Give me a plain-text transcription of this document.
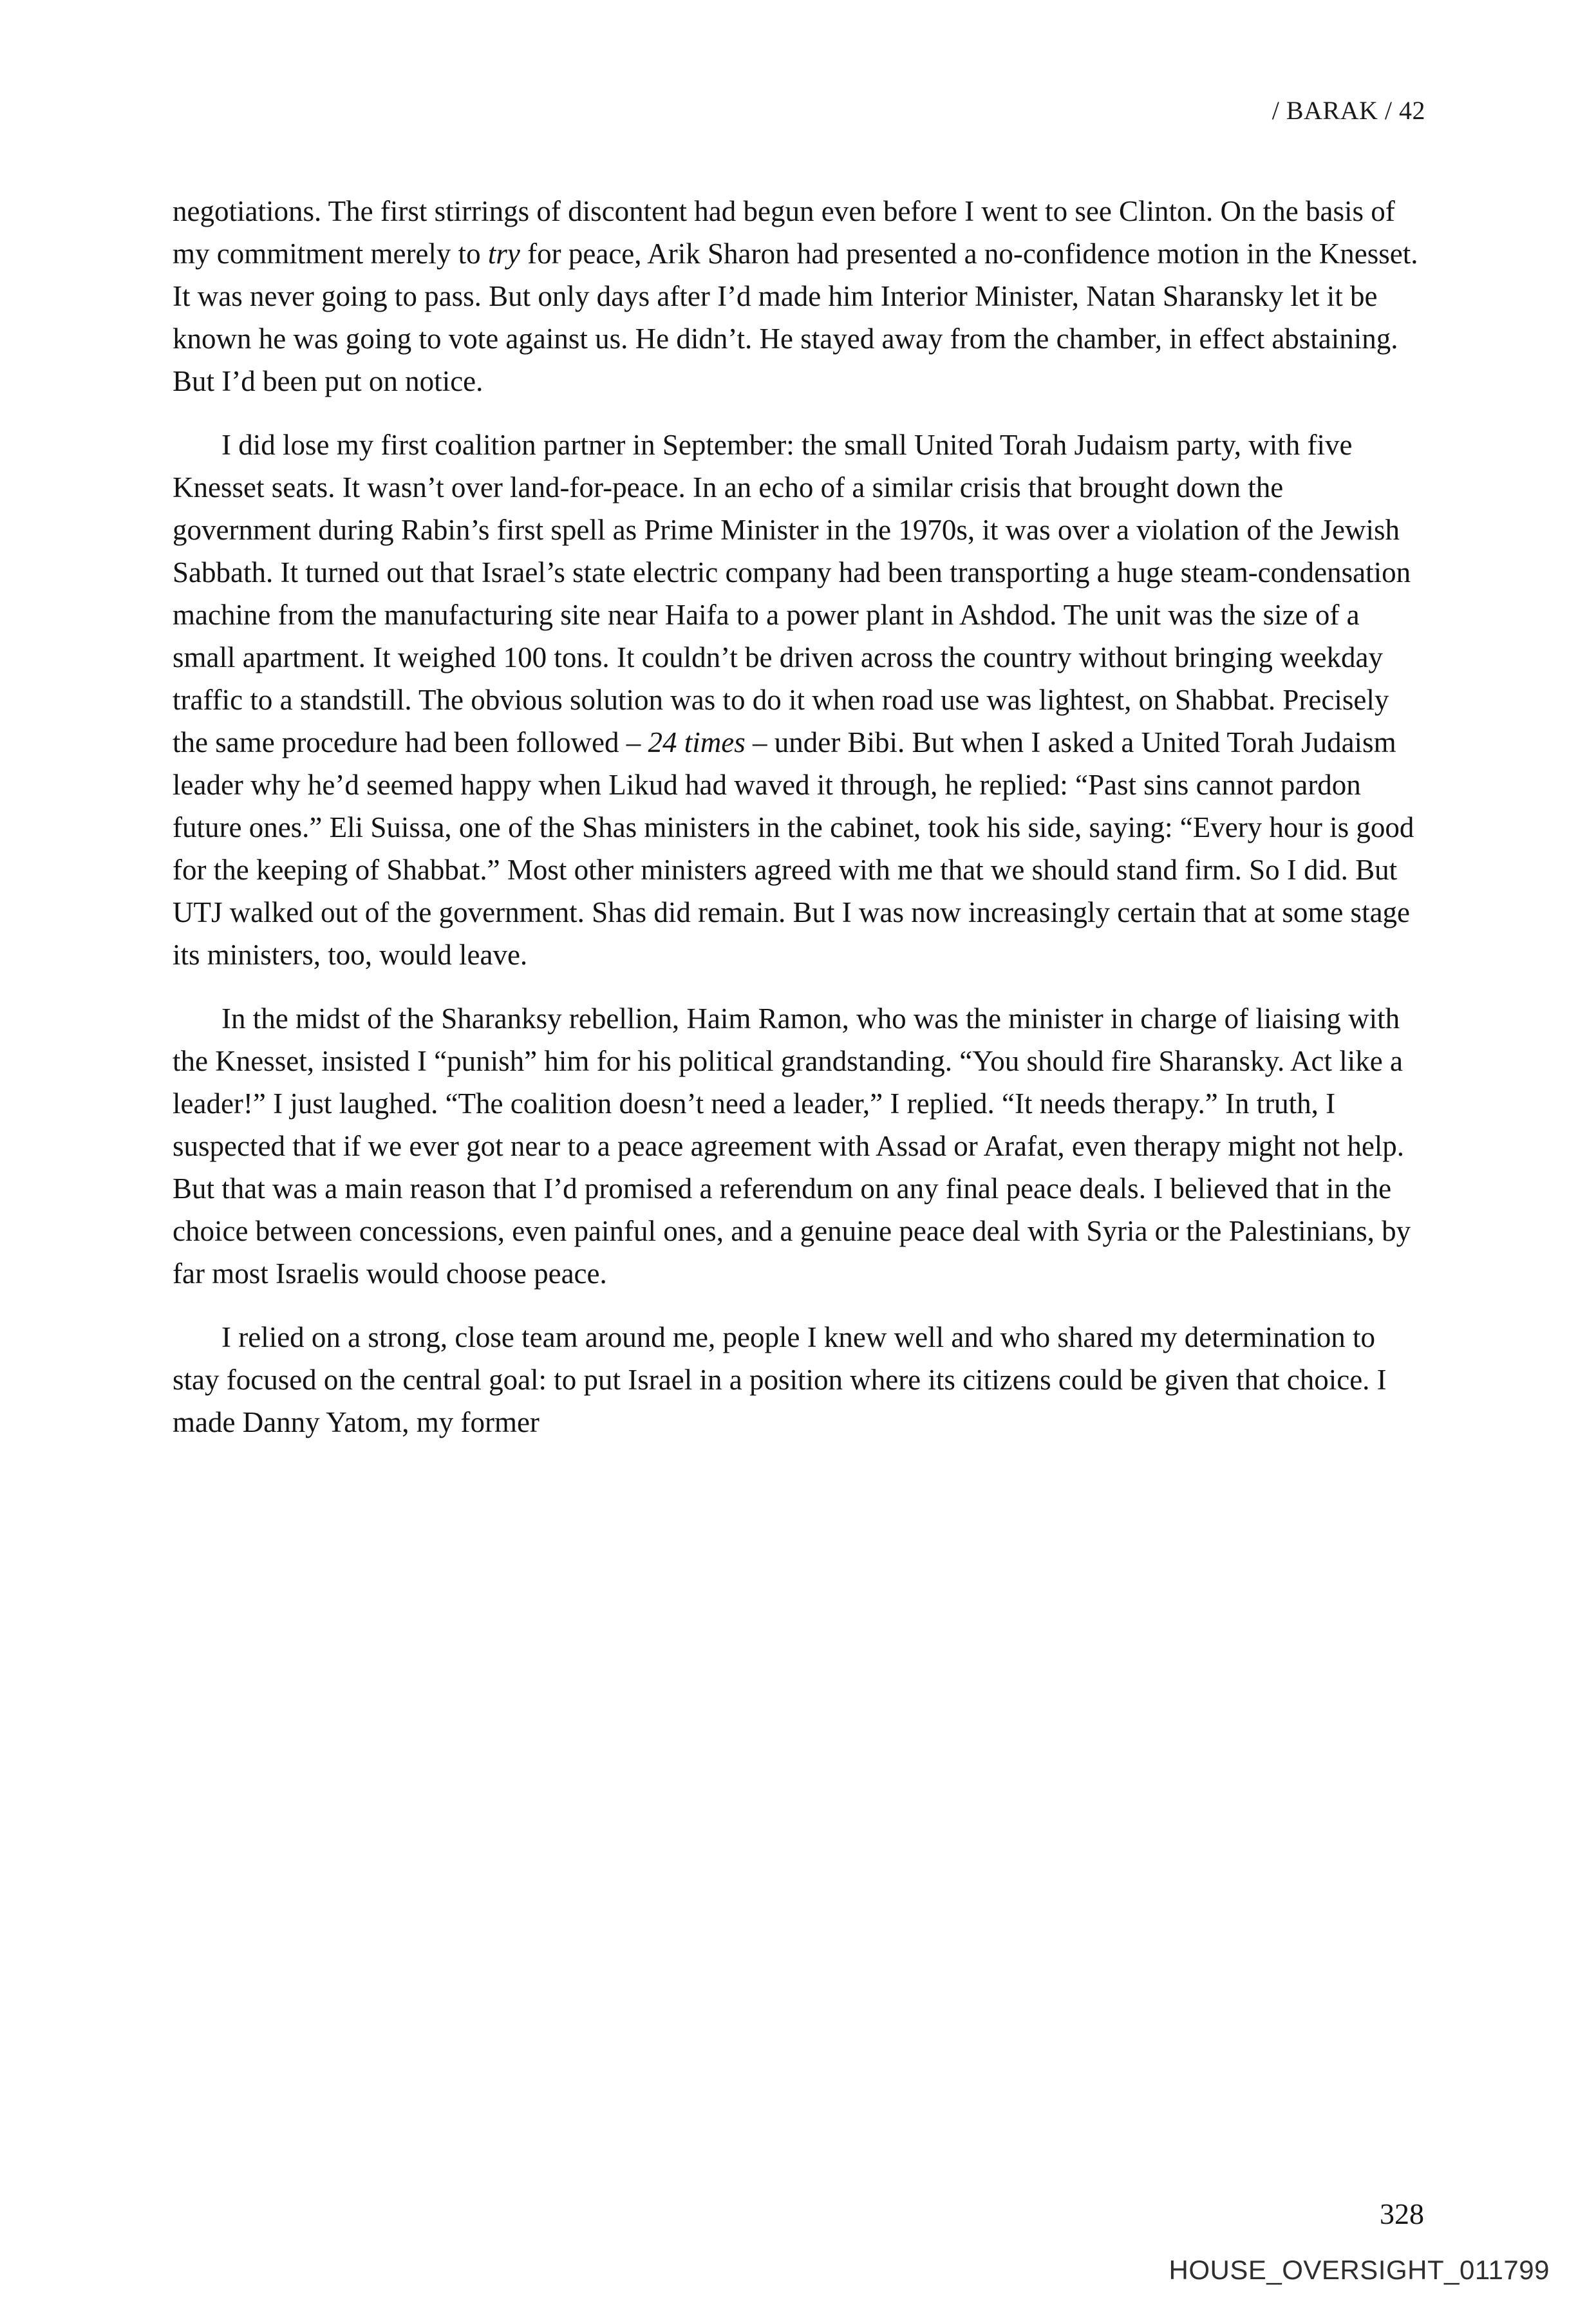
/ BARAK / 42

negotiations. The first stirrings of discontent had begun even before I went to see Clinton. On the basis of my commitment merely to try for peace, Arik Sharon had presented a no-confidence motion in the Knesset. It was never going to pass. But only days after I’d made him Interior Minister, Natan Sharansky let it be known he was going to vote against us. He didn’t. He stayed away from the chamber, in effect abstaining. But I’d been put on notice.

I did lose my first coalition partner in September: the small United Torah Judaism party, with five Knesset seats. It wasn’t over land-for-peace. In an echo of a similar crisis that brought down the government during Rabin’s first spell as Prime Minister in the 1970s, it was over a violation of the Jewish Sabbath. It turned out that Israel’s state electric company had been transporting a huge steam-condensation machine from the manufacturing site near Haifa to a power plant in Ashdod. The unit was the size of a small apartment. It weighed 100 tons. It couldn’t be driven across the country without bringing weekday traffic to a standstill. The obvious solution was to do it when road use was lightest, on Shabbat. Precisely the same procedure had been followed – 24 times – under Bibi. But when I asked a United Torah Judaism leader why he’d seemed happy when Likud had waved it through, he replied: “Past sins cannot pardon future ones.” Eli Suissa, one of the Shas ministers in the cabinet, took his side, saying: “Every hour is good for the keeping of Shabbat.” Most other ministers agreed with me that we should stand firm. So I did. But UTJ walked out of the government. Shas did remain. But I was now increasingly certain that at some stage its ministers, too, would leave.

In the midst of the Sharanksy rebellion, Haim Ramon, who was the minister in charge of liaising with the Knesset, insisted I “punish” him for his political grandstanding. “You should fire Sharansky. Act like a leader!” I just laughed. “The coalition doesn’t need a leader,” I replied. “It needs therapy.” In truth, I suspected that if we ever got near to a peace agreement with Assad or Arafat, even therapy might not help. But that was a main reason that I’d promised a referendum on any final peace deals. I believed that in the choice between concessions, even painful ones, and a genuine peace deal with Syria or the Palestinians, by far most Israelis would choose peace.

I relied on a strong, close team around me, people I knew well and who shared my determination to stay focused on the central goal: to put Israel in a position where its citizens could be given that choice. I made Danny Yatom, my former

328
HOUSE_OVERSIGHT_011799
